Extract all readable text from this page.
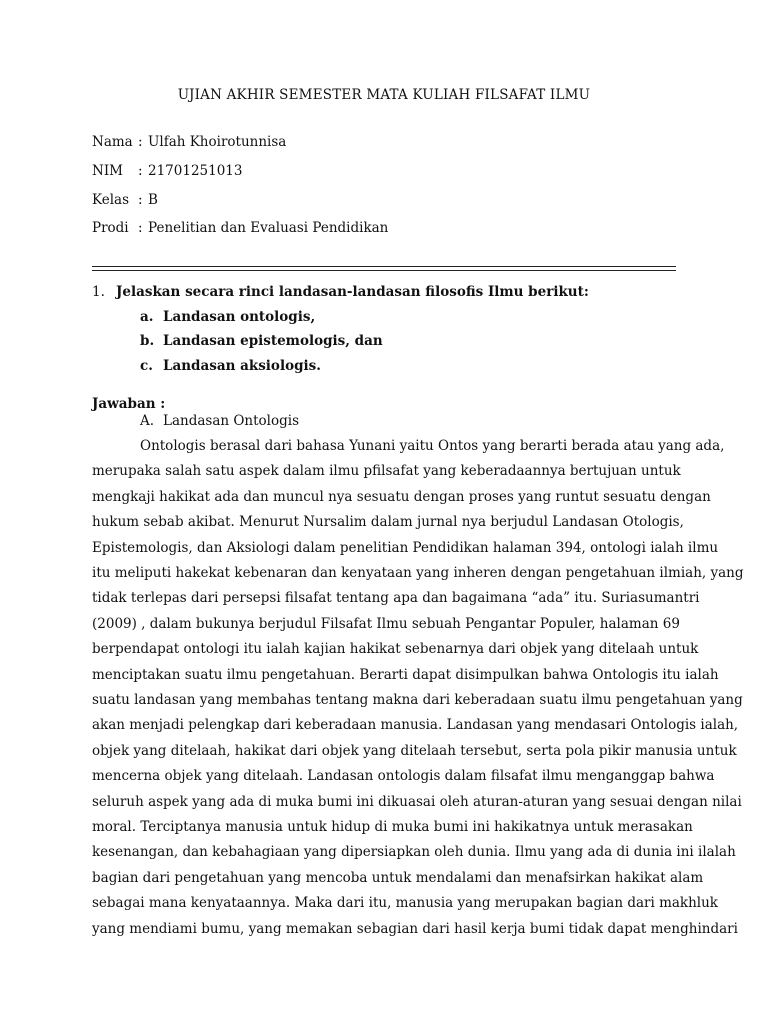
UJIAN AKHIR SEMESTER MATA KULIAH FILSAFAT ILMU
Nama : Ulfah Khoirotunnisa
NIM : 21701251013
Kelas : B
Prodi : Penelitian dan Evaluasi Pendidikan
1. Jelaskan secara rinci landasan-landasan filosofis Ilmu berikut:
a. Landasan ontologis,
b. Landasan epistemologis, dan
c. Landasan aksiologis.
Jawaban :
A. Landasan Ontologis
Ontologis berasal dari bahasa Yunani yaitu Ontos yang berarti berada atau yang ada,
merupaka salah satu aspek dalam ilmu pfilsafat yang keberadaannya bertujuan untuk
mengkaji hakikat ada dan muncul nya sesuatu dengan proses yang runtut sesuatu dengan
hukum sebab akibat. Menurut Nursalim dalam jurnal nya berjudul Landasan Otologis,
Epistemologis, dan Aksiologi dalam penelitian Pendidikan halaman 394, ontologi ialah ilmu
itu meliputi hakekat kebenaran dan kenyataan yang inheren dengan pengetahuan ilmiah, yang
tidak terlepas dari persepsi filsafat tentang apa dan bagaimana “ada” itu. Suriasumantri
(2009) , dalam bukunya berjudul Filsafat Ilmu sebuah Pengantar Populer, halaman 69
berpendapat ontologi itu ialah kajian hakikat sebenarnya dari objek yang ditelaah untuk
menciptakan suatu ilmu pengetahuan. Berarti dapat disimpulkan bahwa Ontologis itu ialah
suatu landasan yang membahas tentang makna dari keberadaan suatu ilmu pengetahuan yang
akan menjadi pelengkap dari keberadaan manusia. Landasan yang mendasari Ontologis ialah,
objek yang ditelaah, hakikat dari objek yang ditelaah tersebut, serta pola pikir manusia untuk
mencerna objek yang ditelaah. Landasan ontologis dalam filsafat ilmu menganggap bahwa
seluruh aspek yang ada di muka bumi ini dikuasai oleh aturan-aturan yang sesuai dengan nilai
moral. Terciptanya manusia untuk hidup di muka bumi ini hakikatnya untuk merasakan
kesenangan, dan kebahagiaan yang dipersiapkan oleh dunia. Ilmu yang ada di dunia ini ilalah
bagian dari pengetahuan yang mencoba untuk mendalami dan menafsirkan hakikat alam
sebagai mana kenyataannya. Maka dari itu, manusia yang merupakan bagian dari makhluk
yang mendiami bumu, yang memakan sebagian dari hasil kerja bumi tidak dapat menghindari
